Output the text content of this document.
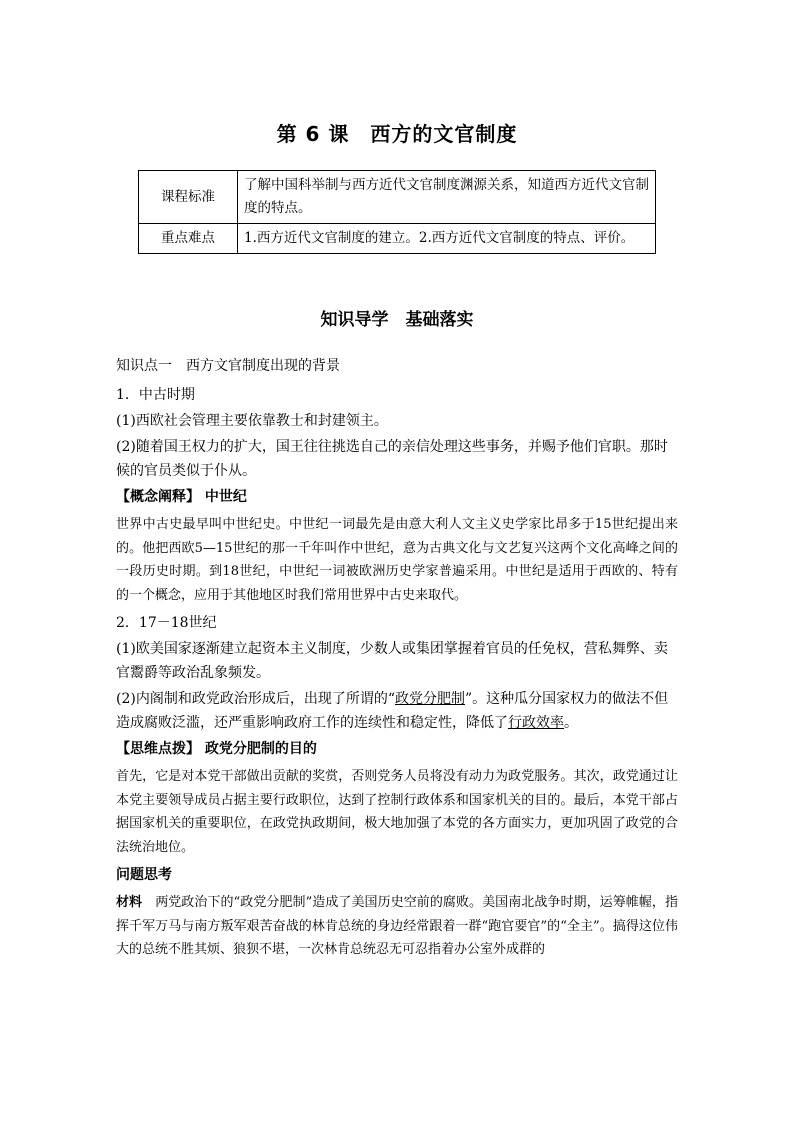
第 6 课　西方的文官制度
课程标准	了解中国科举制与西方近代文官制度渊源关系，知道西方近代文官制度的特点。
重点难点	1.西方近代文官制度的建立。2.西方近代文官制度的特点、评价。
知识导学　基础落实

知识点一　西方文官制度出现的背景

1．中古时期

(1)西欧社会管理主要依靠教士和封建领主。

(2)随着国王权力的扩大，国王往往挑选自己的亲信处理这些事务，并赐予他们官职。那时候的官员类似于仆从。

【概念阐释】 中世纪

世界中古史最早叫中世纪史。中世纪一词最先是由意大利人文主义史学家比昂多于15世纪提出来的。他把西欧5—15世纪的那一千年叫作中世纪，意为古典文化与文艺复兴这两个文化高峰之间的一段历史时期。到18世纪，中世纪一词被欧洲历史学家普遍采用。中世纪是适用于西欧的、特有的一个概念，应用于其他地区时我们常用世界中古史来取代。

2．17－18世纪

(1)欧美国家逐渐建立起资本主义制度，少数人或集团掌握着官员的任免权，营私舞弊、卖官鬻爵等政治乱象频发。

(2)内阁制和政党政治形成后，出现了所谓的“政党分肥制”。这种瓜分国家权力的做法不但造成腐败泛滥，还严重影响政府工作的连续性和稳定性，降低了行政效率。

【思维点拨】 政党分肥制的目的

首先，它是对本党干部做出贡献的奖赏，否则党务人员将没有动力为政党服务。其次，政党通过让本党主要领导成员占据主要行政职位，达到了控制行政体系和国家机关的目的。最后，本党干部占据国家机关的重要职位，在政党执政期间，极大地加强了本党的各方面实力，更加巩固了政党的合法统治地位。

问题思考

材料　 两党政治下的“政党分肥制”造成了美国历史空前的腐败。美国南北战争时期，运筹帷幄，指挥千军万马与南方叛军艰苦奋战的林肯总统的身边经常跟着一群“跑官要官”的“全主”。搞得这位伟大的总统不胜其烦、狼狈不堪，一次林肯总统忍无可忍指着办公室外成群的
